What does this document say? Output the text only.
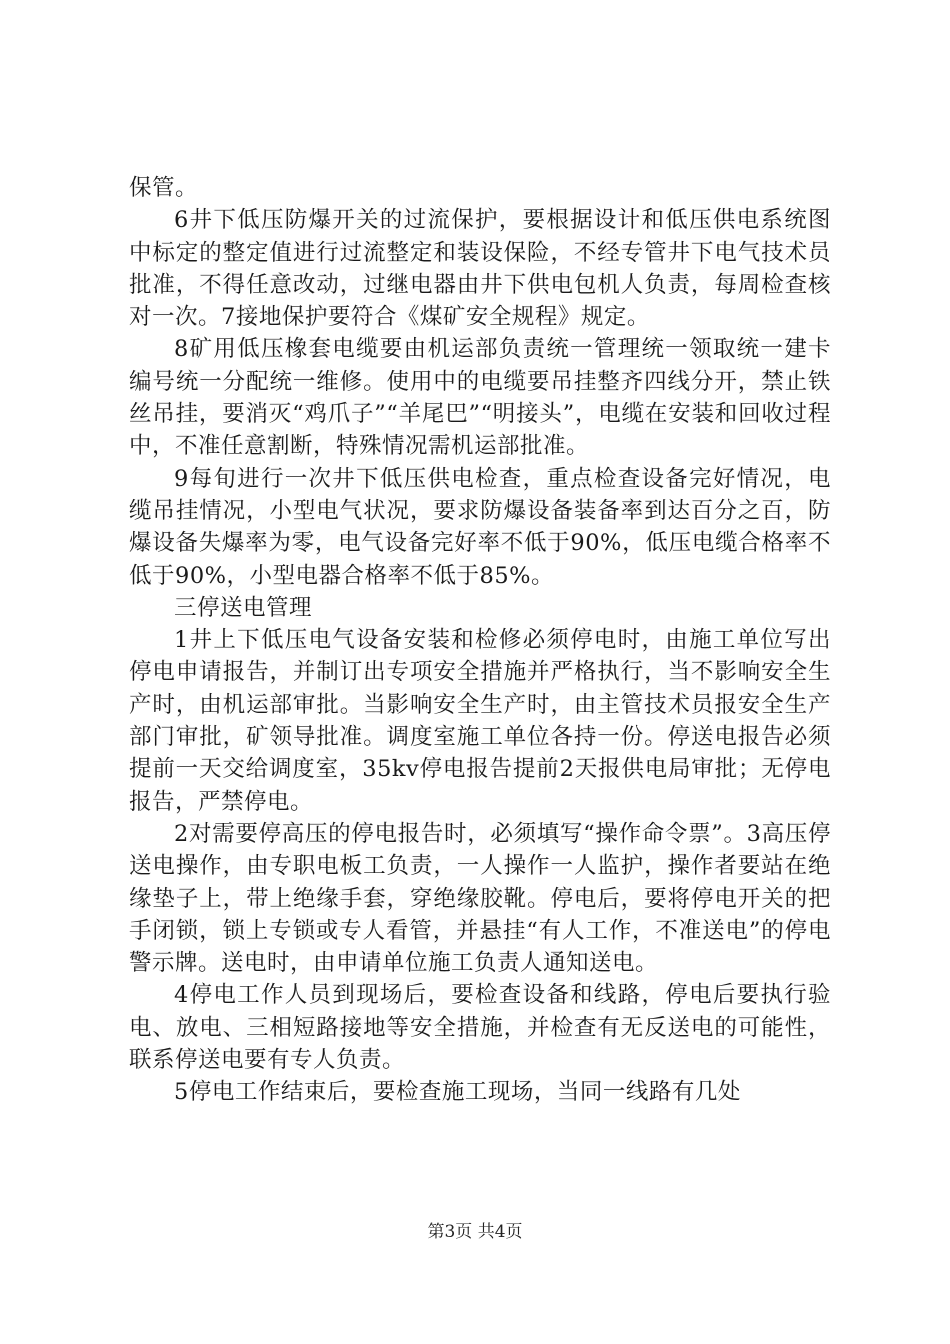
保管。

6井下低压防爆开关的过流保护，要根据设计和低压供电系统图中标定的整定值进行过流整定和装设保险，不经专管井下电气技术员批准，不得任意改动，过继电器由井下供电包机人负责，每周检查核对一次。7接地保护要符合《煤矿安全规程》规定。

8矿用低压橡套电缆要由机运部负责统一管理统一领取统一建卡编号统一分配统一维修。使用中的电缆要吊挂整齐四线分开，禁止铁丝吊挂，要消灭“鸡爪子”“羊尾巴”“明接头”，电缆在安装和回收过程中，不准任意割断，特殊情况需机运部批准。

9每旬进行一次井下低压供电检查，重点检查设备完好情况，电缆吊挂情况，小型电气状况，要求防爆设备装备率到达百分之百，防爆设备失爆率为零，电气设备完好率不低于90%，低压电缆合格率不低于90%，小型电器合格率不低于85%。

三停送电管理

1井上下低压电气设备安装和检修必须停电时，由施工单位写出停电申请报告，并制订出专项安全措施并严格执行，当不影响安全生产时，由机运部审批。当影响安全生产时，由主管技术员报安全生产部门审批，矿领导批准。调度室施工单位各持一份。停送电报告必须提前一天交给调度室，35kv停电报告提前2天报供电局审批；无停电报告，严禁停电。

2对需要停高压的停电报告时，必须填写“操作命令票”。3高压停送电操作，由专职电板工负责，一人操作一人监护，操作者要站在绝缘垫子上，带上绝缘手套，穿绝缘胶靴。停电后，要将停电开关的把手闭锁，锁上专锁或专人看管，并悬挂“有人工作，不准送电”的停电警示牌。送电时，由申请单位施工负责人通知送电。

4停电工作人员到现场后，要检查设备和线路，停电后要执行验电、放电、三相短路接地等安全措施，并检查有无反送电的可能性，联系停送电要有专人负责。

5停电工作结束后，要检查施工现场，当同一线路有几处

第3页 共4页
